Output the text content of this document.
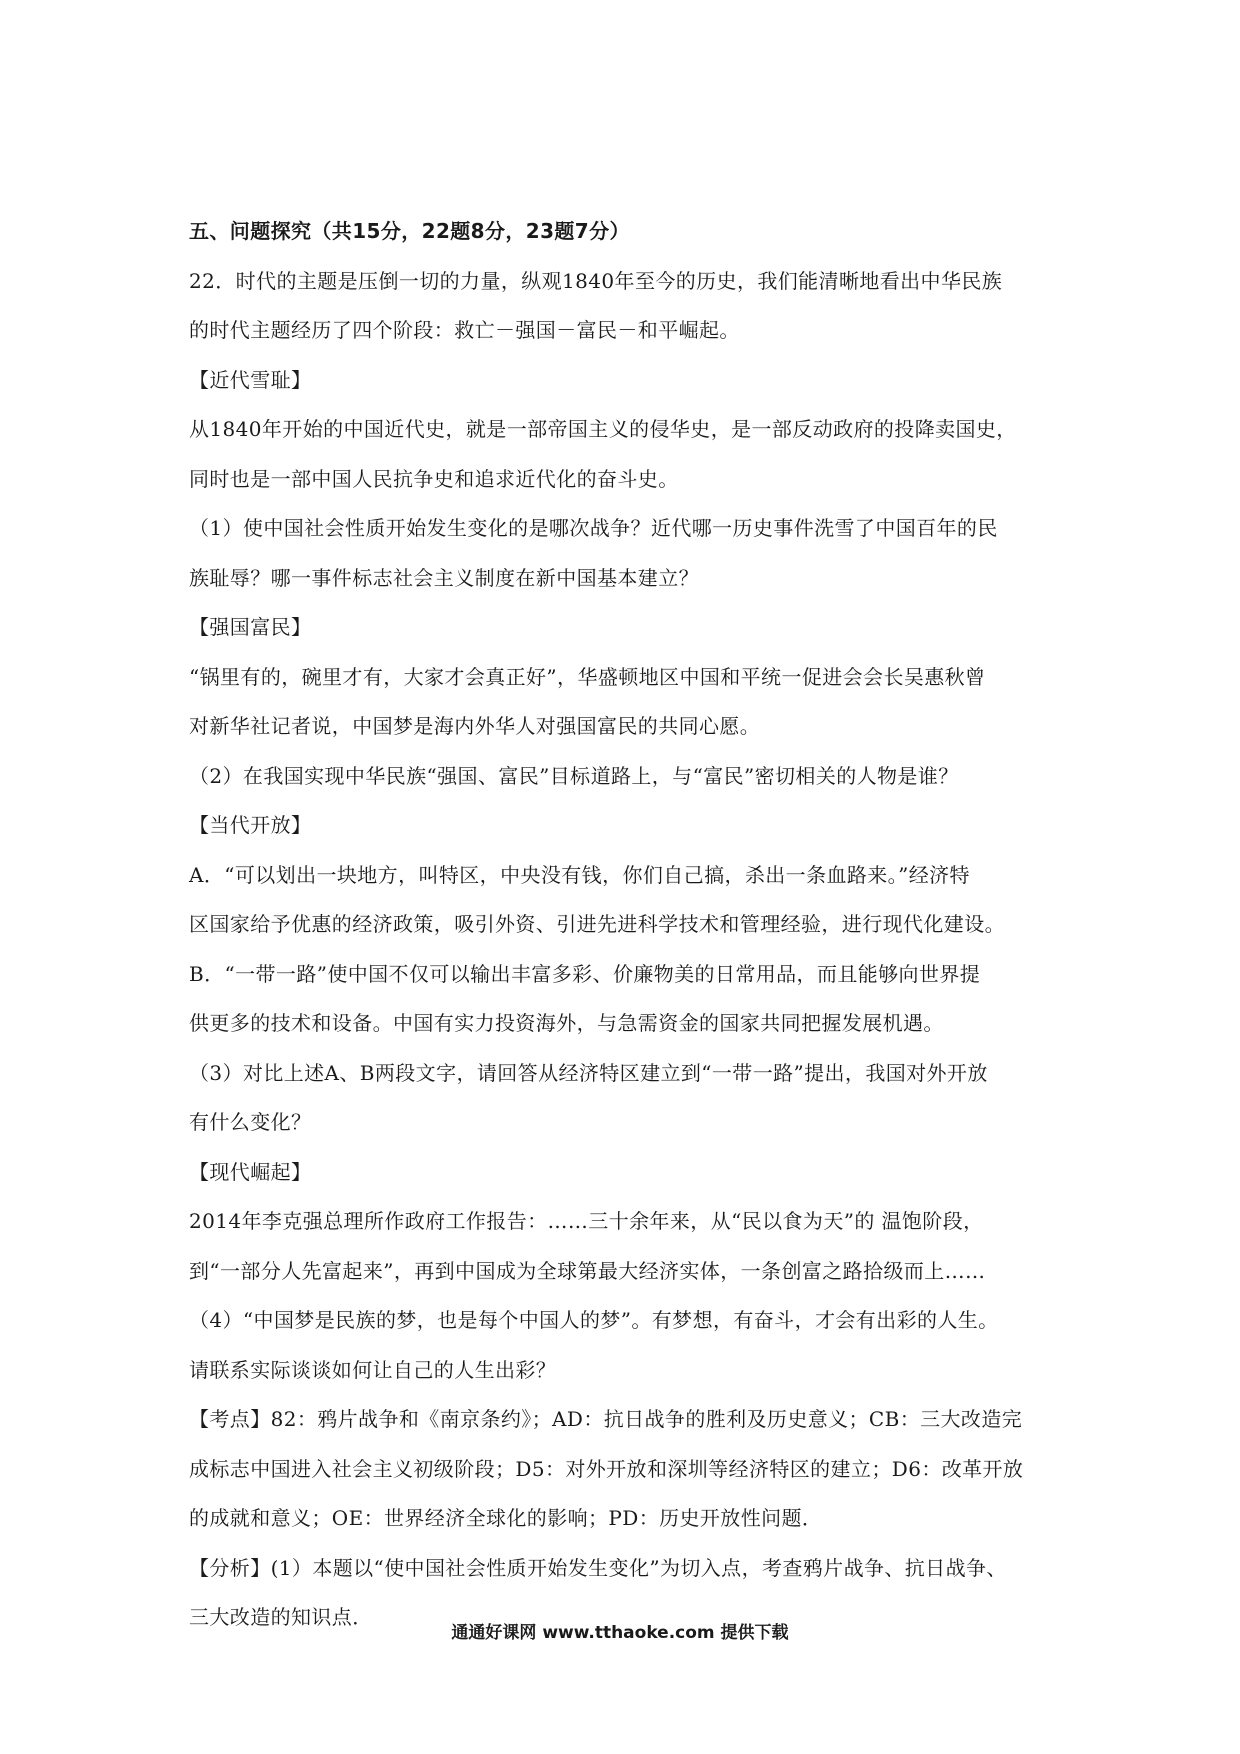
五、问题探究（共15分，22题8分，23题7分）
22．时代的主题是压倒一切的力量，纵观1840年至今的历史，我们能清晰地看出中华民族
的时代主题经历了四个阶段：救亡－强国－富民－和平崛起。
【近代雪耻】
从1840年开始的中国近代史，就是一部帝国主义的侵华史，是一部反动政府的投降卖国史，
同时也是一部中国人民抗争史和追求近代化的奋斗史。
（1）使中国社会性质开始发生变化的是哪次战争？近代哪一历史事件洗雪了中国百年的民
族耻辱？哪一事件标志社会主义制度在新中国基本建立？
【强国富民】
“锅里有的，碗里才有，大家才会真正好”，华盛顿地区中国和平统一促进会会长吴惠秋曾
对新华社记者说，中国梦是海内外华人对强国富民的共同心愿。
（2）在我国实现中华民族“强国、富民”目标道路上，与“富民”密切相关的人物是谁？
【当代开放】
A．“可以划出一块地方，叫特区，中央没有钱，你们自己搞，杀出一条血路来。”经济特
区国家给予优惠的经济政策，吸引外资、引进先进科学技术和管理经验，进行现代化建设。
B．“一带一路”使中国不仅可以输出丰富多彩、价廉物美的日常用品，而且能够向世界提
供更多的技术和设备。中国有实力投资海外，与急需资金的国家共同把握发展机遇。
（3）对比上述A、B两段文字，请回答从经济特区建立到“一带一路”提出，我国对外开放
有什么变化？
【现代崛起】
2014年李克强总理所作政府工作报告：……三十余年来，从“民以食为天”的 温饱阶段，
到“一部分人先富起来”，再到中国成为全球第最大经济实体，一条创富之路拾级而上……
（4）“中国梦是民族的梦，也是每个中国人的梦”。有梦想，有奋斗，才会有出彩的人生。
请联系实际谈谈如何让自己的人生出彩？
【考点】82：鸦片战争和《南京条约》；AD：抗日战争的胜利及历史意义；CB：三大改造完
成标志中国进入社会主义初级阶段；D5：对外开放和深圳等经济特区的建立；D6：改革开放
的成就和意义；OE：世界经济全球化的影响；PD：历史开放性问题．
【分析】(1）本题以“使中国社会性质开始发生变化”为切入点，考查鸦片战争、抗日战争、
三大改造的知识点．
通通好课网 www.tthaoke.com 提供下载
